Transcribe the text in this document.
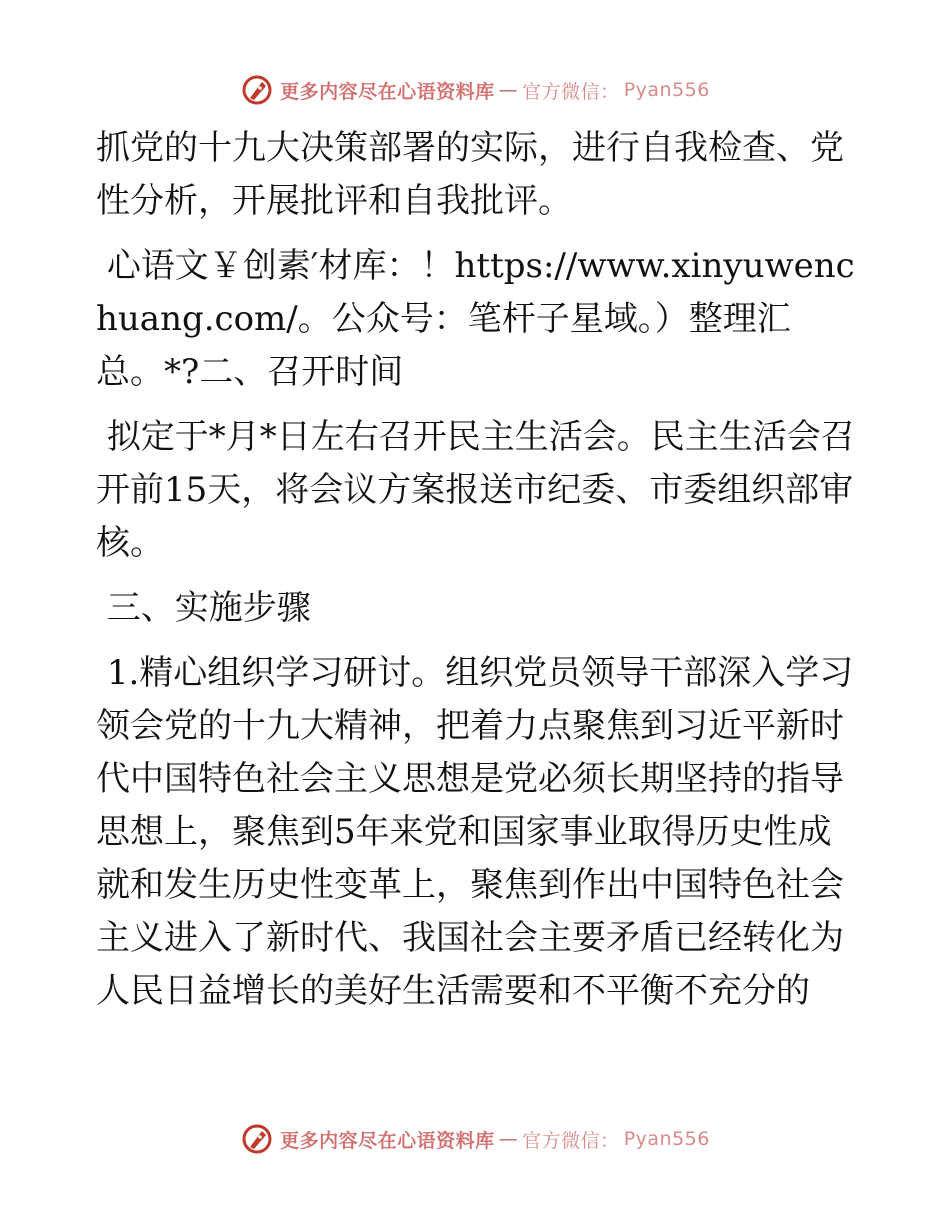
更多内容尽在心语资料库 — 官方微信： Pyan556

抓党的十九大决策部署的实际，进行自我检查、党性分析，开展批评和自我批评。

心语文￥创素′材库：！https://www.xinyuwenchuang.com/。公众号：笔杆子星域。）整理汇总。*?二、召开时间

拟定于*月*日左右召开民主生活会。民主生活会召开前15天，将会议方案报送市纪委、市委组织部审核。

三、实施步骤

1.精心组织学习研讨。组织党员领导干部深入学习领会党的十九大精神，把着力点聚焦到习近平新时代中国特色社会主义思想是党必须长期坚持的指导思想上，聚焦到5年来党和国家事业取得历史性成就和发生历史性变革上，聚焦到作出中国特色社会主义进入了新时代、我国社会主要矛盾已经转化为人民日益增长的美好生活需要和不平衡不充分的

更多内容尽在心语资料库 — 官方微信： Pyan556
